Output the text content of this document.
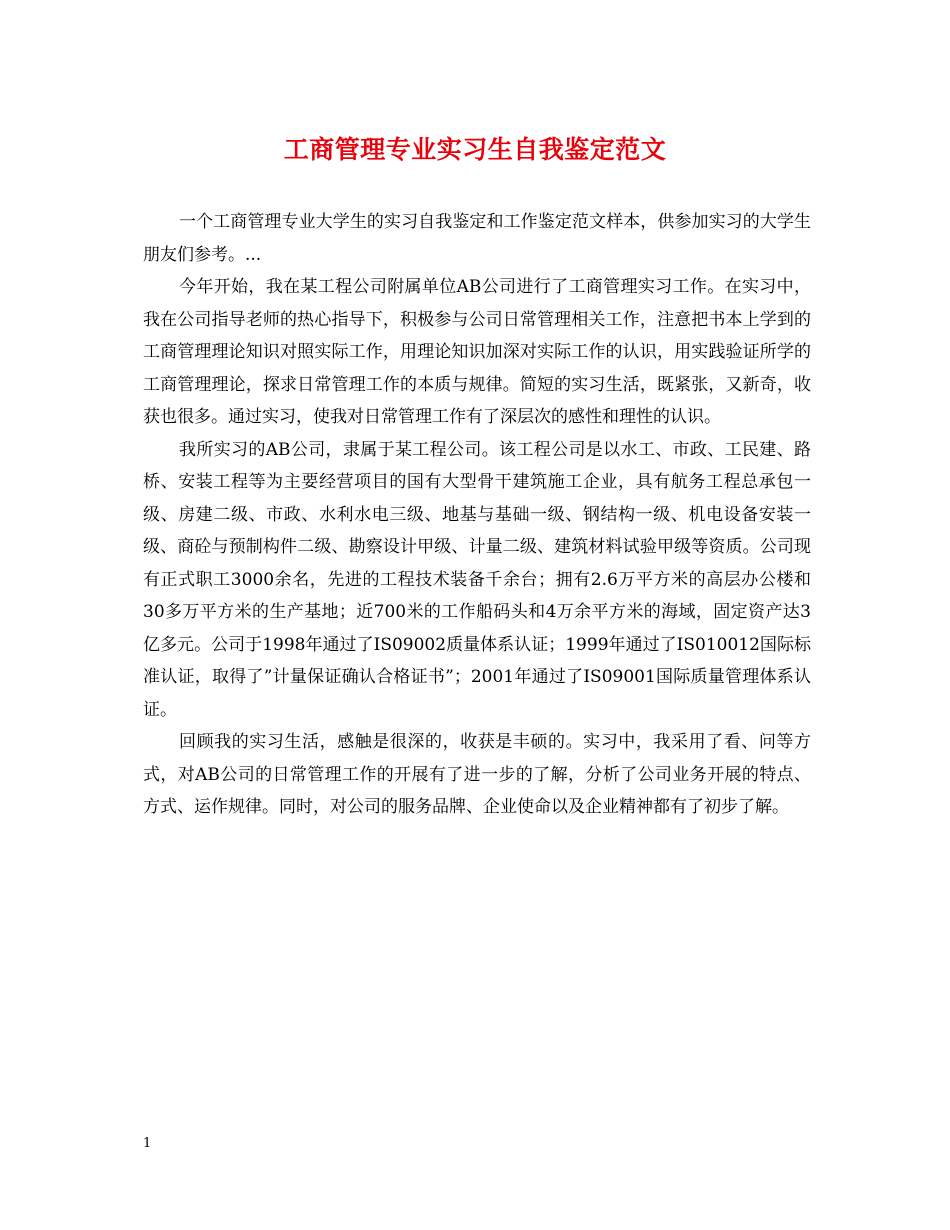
工商管理专业实习生自我鉴定范文

一个工商管理专业大学生的实习自我鉴定和工作鉴定范文样本，供参加实习的大学生朋友们参考。...

今年开始，我在某工程公司附属单位AB公司进行了工商管理实习工作。在实习中，我在公司指导老师的热心指导下，积极参与公司日常管理相关工作，注意把书本上学到的工商管理理论知识对照实际工作，用理论知识加深对实际工作的认识，用实践验证所学的工商管理理论，探求日常管理工作的本质与规律。简短的实习生活，既紧张，又新奇，收获也很多。通过实习，使我对日常管理工作有了深层次的感性和理性的认识。

我所实习的AB公司，隶属于某工程公司。该工程公司是以水工、市政、工民建、路桥、安装工程等为主要经营项目的国有大型骨干建筑施工企业，具有航务工程总承包一级、房建二级、市政、水利水电三级、地基与基础一级、钢结构一级、机电设备安装一级、商砼与预制构件二级、勘察设计甲级、计量二级、建筑材料试验甲级等资质。公司现有正式职工3000余名，先进的工程技术装备千余台；拥有2.6万平方米的高层办公楼和30多万平方米的生产基地；近700米的工作船码头和4万余平方米的海域，固定资产达3亿多元。公司于1998年通过了IS09002质量体系认证；1999年通过了IS010012国际标准认证，取得了”计量保证确认合格证书”；2001年通过了IS09001国际质量管理体系认证。

回顾我的实习生活，感触是很深的，收获是丰硕的。实习中，我采用了看、问等方式，对AB公司的日常管理工作的开展有了进一步的了解，分析了公司业务开展的特点、方式、运作规律。同时，对公司的服务品牌、企业使命以及企业精神都有了初步了解。

1
